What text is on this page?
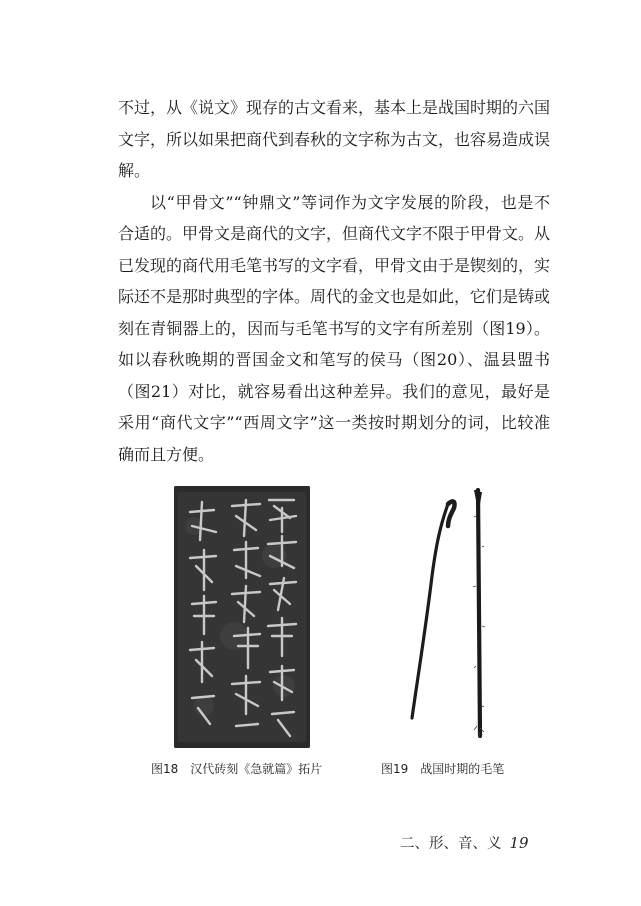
不过，从《说文》现存的古文看来，基本上是战国时期的六国文字，所以如果把商代到春秋的文字称为古文，也容易造成误解。

以“甲骨文”“钟鼎文”等词作为文字发展的阶段，也是不合适的。甲骨文是商代的文字，但商代文字不限于甲骨文。从已发现的商代用毛笔书写的文字看，甲骨文由于是锲刻的，实际还不是那时典型的字体。周代的金文也是如此，它们是铸或刻在青铜器上的，因而与毛笔书写的文字有所差别（图19）。如以春秋晚期的晋国金文和笔写的侯马（图20）、温县盟书（图21）对比，就容易看出这种差异。我们的意见，最好是采用“商代文字”“西周文字”这一类按时期划分的词，比较准确而且方便。

图18 汉代砖刻《急就篇》拓片	图19 战国时期的毛笔
二、形、音、义 19
